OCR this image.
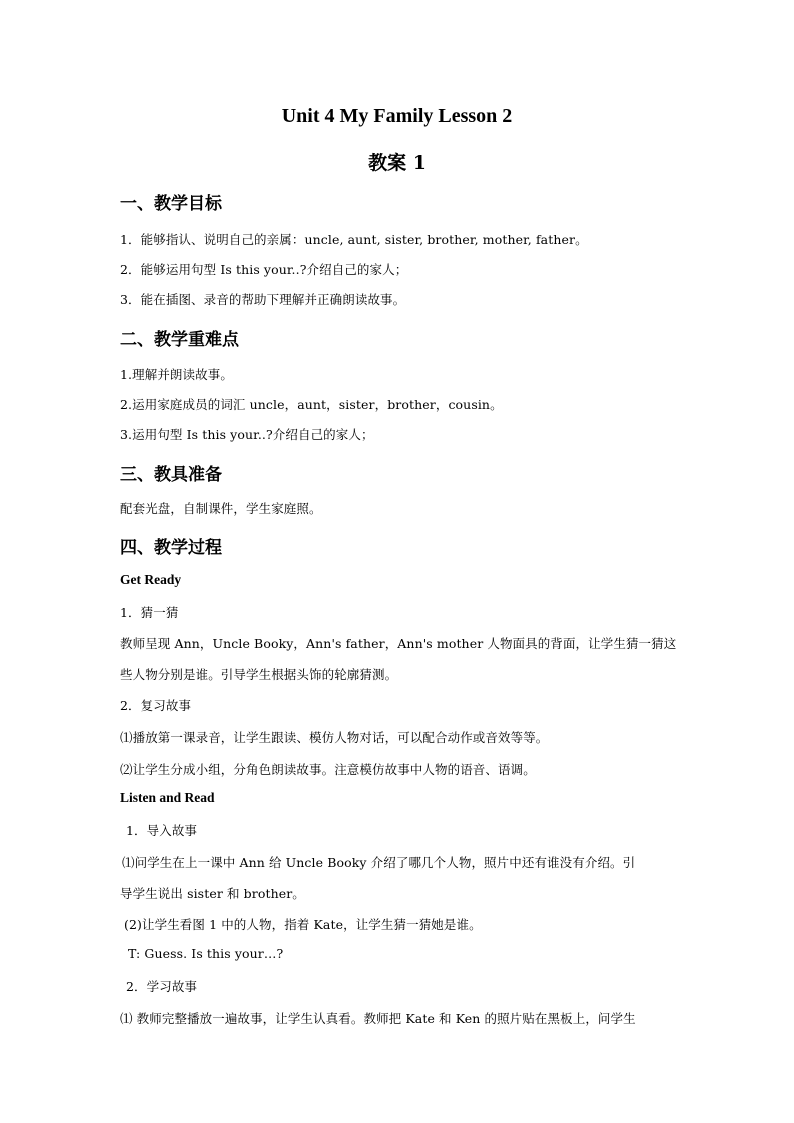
Unit 4 My Family Lesson 2
教案 1
一、教学目标
1．能够指认、说明自己的亲属：uncle, aunt, sister, brother, mother, father。
2．能够运用句型 Is this your..?介绍自己的家人；
3．能在插图、录音的帮助下理解并正确朗读故事。
二、教学重难点
1.理解并朗读故事。
2.运用家庭成员的词汇 uncle，aunt，sister，brother，cousin。
3.运用句型 Is this your..?介绍自己的家人；
三、教具准备
配套光盘，自制课件，学生家庭照。
四、教学过程
Get Ready
1．猜一猜
教师呈现 Ann，Uncle Booky，Ann's father，Ann's mother 人物面具的背面，让学生猜一猜这
些人物分别是谁。引导学生根据头饰的轮廓猜测。
2．复习故事
⑴播放第一课录音，让学生跟读、模仿人物对话，可以配合动作或音效等等。
⑵让学生分成小组，分角色朗读故事。注意模仿故事中人物的语音、语调。
Listen and Read
1．导入故事
⑴问学生在上一课中 Ann 给 Uncle Booky 介绍了哪几个人物，照片中还有谁没有介绍。引
导学生说出 sister 和 brother。
(2)让学生看图 1 中的人物，指着 Kate，让学生猜一猜她是谁。
T: Guess. Is this your…?
2．学习故事
⑴ 教师完整播放一遍故事，让学生认真看。教师把 Kate 和 Ken 的照片贴在黑板上，问学生
